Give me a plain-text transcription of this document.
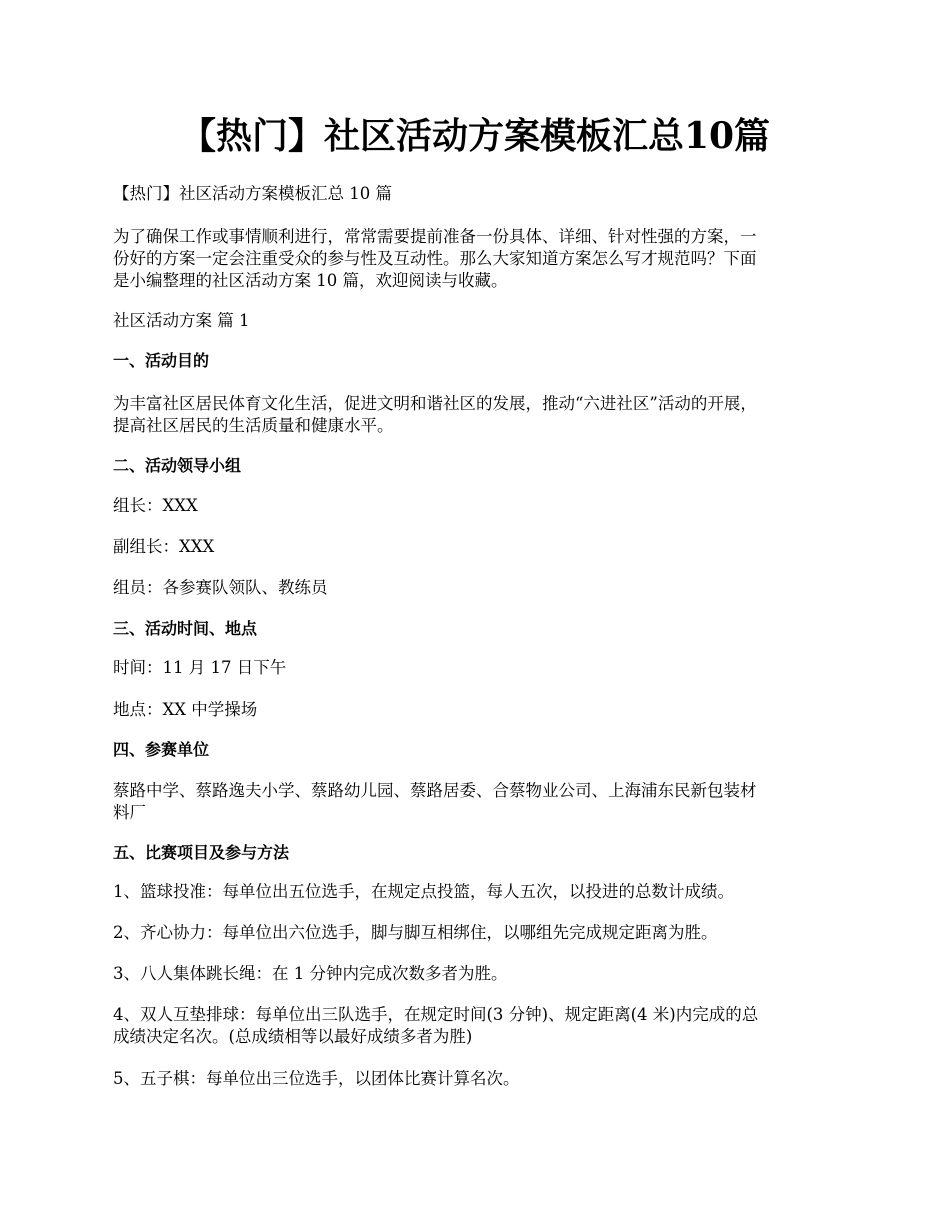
【热门】社区活动方案模板汇总10篇
【热门】社区活动方案模板汇总 10 篇
为了确保工作或事情顺利进行，常常需要提前准备一份具体、详细、针对性强的方案，一
份好的方案一定会注重受众的参与性及互动性。那么大家知道方案怎么写才规范吗？下面
是小编整理的社区活动方案 10 篇，欢迎阅读与收藏。
社区活动方案 篇 1
一、活动目的
为丰富社区居民体育文化生活，促进文明和谐社区的发展，推动“六进社区”活动的开展，
提高社区居民的生活质量和健康水平。
二、活动领导小组
组长：XXX
副组长：XXX
组员：各参赛队领队、教练员
三、活动时间、地点
时间：11 月 17 日下午
地点：XX 中学操场
四、参赛单位
蔡路中学、蔡路逸夫小学、蔡路幼儿园、蔡路居委、合蔡物业公司、上海浦东民新包装材
料厂
五、比赛项目及参与方法
1、篮球投准：每单位出五位选手，在规定点投篮，每人五次，以投进的总数计成绩。
2、齐心协力：每单位出六位选手，脚与脚互相绑住，以哪组先完成规定距离为胜。
3、八人集体跳长绳：在 1 分钟内完成次数多者为胜。
4、双人互垫排球：每单位出三队选手，在规定时间(3 分钟)、规定距离(4 米)内完成的总
成绩决定名次。(总成绩相等以最好成绩多者为胜)
5、五子棋：每单位出三位选手，以团体比赛计算名次。
